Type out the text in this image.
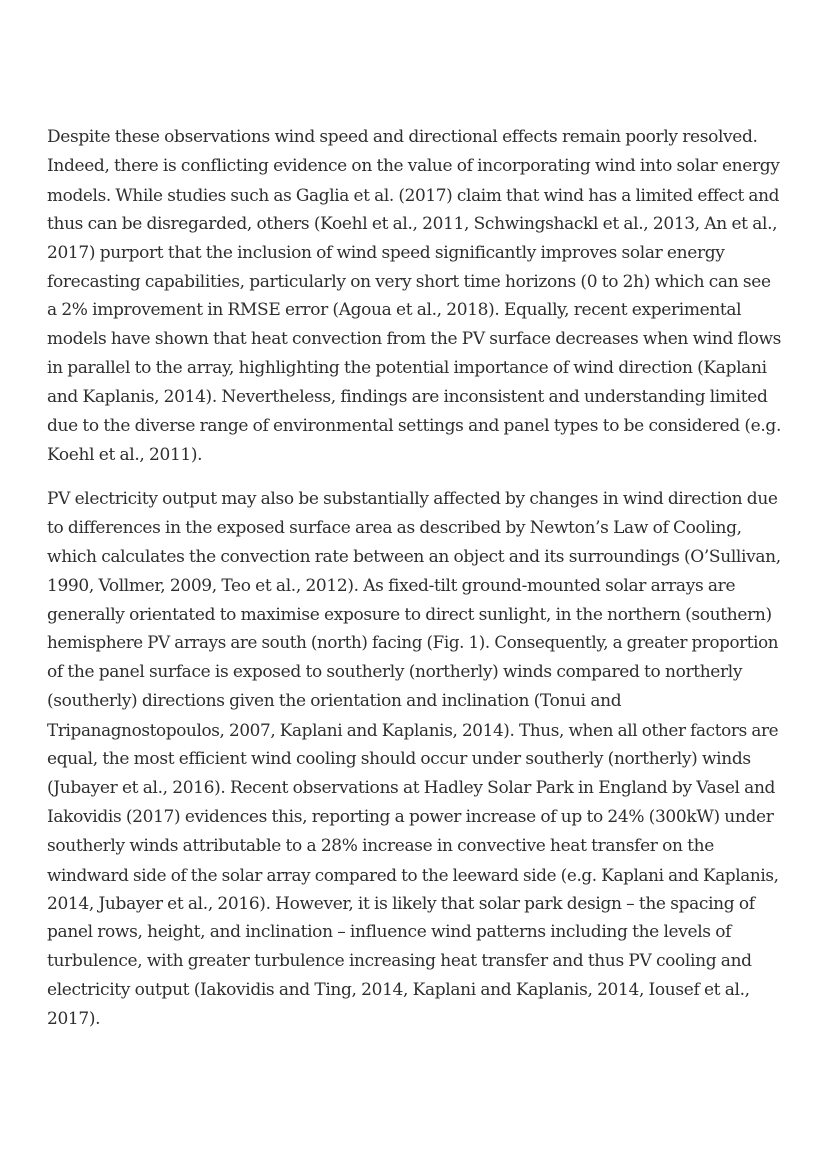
Despite these observations wind speed and directional effects remain poorly resolved.
Indeed, there is conflicting evidence on the value of incorporating wind into solar energy
models. While studies such as Gaglia et al. (2017) claim that wind has a limited effect and
thus can be disregarded, others (Koehl et al., 2011, Schwingshackl et al., 2013, An et al.,
2017) purport that the inclusion of wind speed significantly improves solar energy
forecasting capabilities, particularly on very short time horizons (0 to 2h) which can see
a 2% improvement in RMSE error (Agoua et al., 2018). Equally, recent experimental
models have shown that heat convection from the PV surface decreases when wind flows
in parallel to the array, highlighting the potential importance of wind direction (Kaplani
and Kaplanis, 2014). Nevertheless, findings are inconsistent and understanding limited
due to the diverse range of environmental settings and panel types to be considered (e.g.
Koehl et al., 2011).

PV electricity output may also be substantially affected by changes in wind direction due
to differences in the exposed surface area as described by Newton’s Law of Cooling,
which calculates the convection rate between an object and its surroundings (O’Sullivan,
1990, Vollmer, 2009, Teo et al., 2012). As fixed-tilt ground-mounted solar arrays are
generally orientated to maximise exposure to direct sunlight, in the northern (southern)
hemisphere PV arrays are south (north) facing (Fig. 1). Consequently, a greater proportion
of the panel surface is exposed to southerly (northerly) winds compared to northerly
(southerly) directions given the orientation and inclination (Tonui and
Tripanagnostopoulos, 2007, Kaplani and Kaplanis, 2014). Thus, when all other factors are
equal, the most efficient wind cooling should occur under southerly (northerly) winds
(Jubayer et al., 2016). Recent observations at Hadley Solar Park in England by Vasel and
Iakovidis (2017) evidences this, reporting a power increase of up to 24% (300kW) under
southerly winds attributable to a 28% increase in convective heat transfer on the
windward side of the solar array compared to the leeward side (e.g. Kaplani and Kaplanis,
2014, Jubayer et al., 2016). However, it is likely that solar park design – the spacing of
panel rows, height, and inclination – influence wind patterns including the levels of
turbulence, with greater turbulence increasing heat transfer and thus PV cooling and
electricity output (Iakovidis and Ting, 2014, Kaplani and Kaplanis, 2014, Iousef et al.,
2017).
